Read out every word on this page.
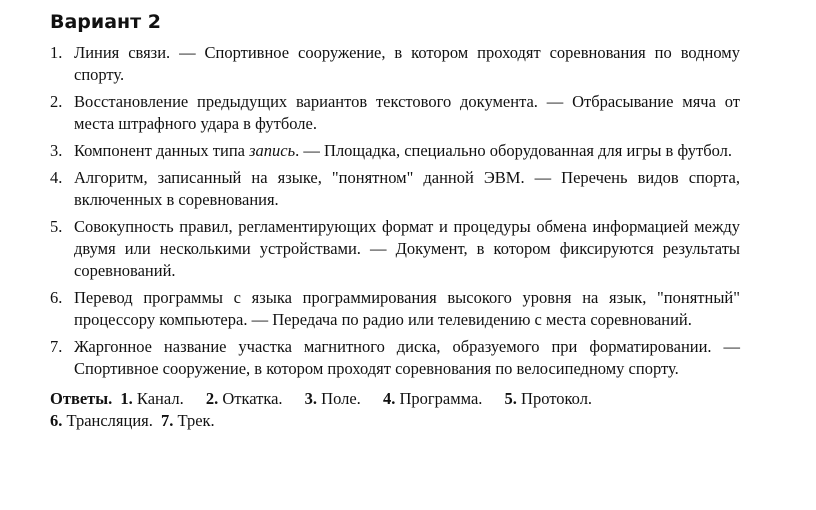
Вариант 2
1. Линия связи. — Спортивное сооружение, в котором проходят соревнования по водному спорту.
2. Восстановление предыдущих вариантов текстового документа. — Отбрасывание мяча от места штрафного удара в футболе.
3. Компонент данных типа запись. — Площадка, специально оборудованная для игры в футбол.
4. Алгоритм, записанный на языке, "понятном" данной ЭВМ. — Перечень видов спорта, включенных в соревнования.
5. Совокупность правил, регламентирующих формат и процедуры обмена информацией между двумя или несколькими устройствами. — Документ, в котором фиксируются результаты соревнований.
6. Перевод программы с языка программирования высокого уровня на язык, "понятный" процессору компьютера. — Передача по радио или телевидению с места соревнований.
7. Жаргонное название участка магнитного диска, образуемого при форматировании. — Спортивное сооружение, в котором проходят соревнования по велосипедному спорту.
Ответы. 1. Канал. 2. Откатка. 3. Поле. 4. Программа. 5. Протокол.
6. Трансляция. 7. Трек.
